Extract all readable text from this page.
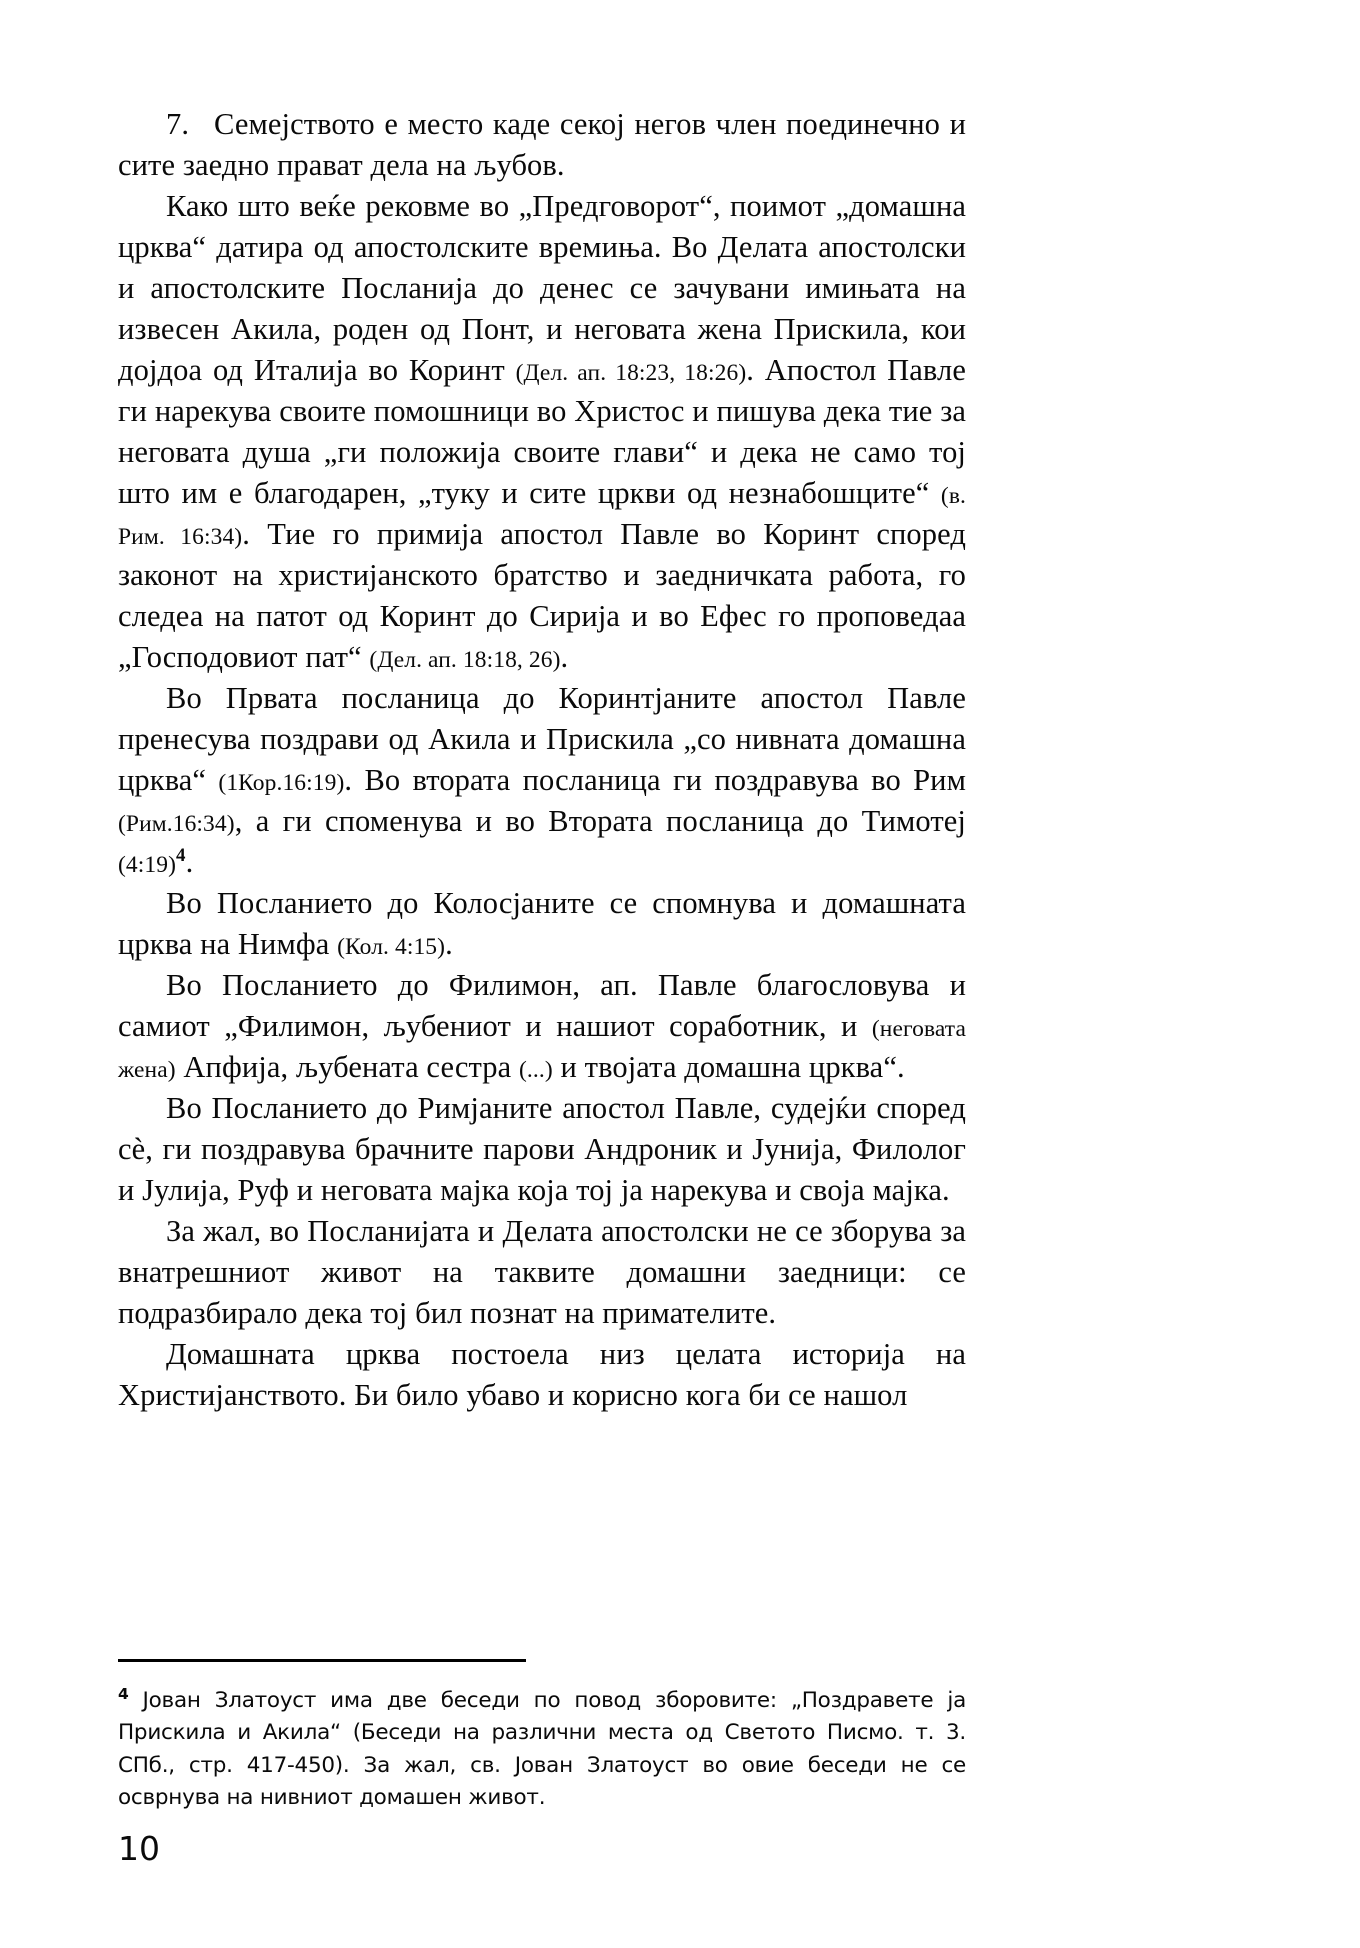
7. Семејството е место каде секој негов член поединечно и сите заедно прават дела на љубов.

Како што веќе рековме во „Предговорот“, поимот „домашна црква“ датира од апостолските времиња. Во Делата апостолски и апостолските Посланија до денес се зачувани имињата на извесен Акила, роден од Понт, и неговата жена Прискила, кои дојдоа од Италија во Коринт (Дел. ап. 18:23, 18:26). Апостол Павле ги нарекува своите помошници во Христос и пишува дека тие за неговата душа „ги положија своите глави“ и дека не само тој што им е благодарен, „туку и сите цркви од незнабошците“ (в. Рим. 16:34). Тие го примија апостол Павле во Коринт според законот на христијанското братство и заедничката работа, го следеа на патот од Коринт до Сирија и во Ефес го проповедаа „Господовиот пат“ (Дел. ап. 18:18, 26).

Во Првата посланица до Коринтјаните апостол Павле пренесува поздрави од Акила и Прискила „со нивната домашна црква“ (1Кор.16:19). Во втората посланица ги поздравува во Рим (Рим.16:34), а ги споменува и во Втората посланица до Тимотеј (4:19)$^4$.

Во Посланието до Колосјаните се спомнува и домашната црква на Нимфа (Кол. 4:15).

Во Посланието до Филимон, ап. Павле благословува и самиот „Филимон, љубениот и нашиот соработник, и (неговата жена) Апфија, љубената сестра (...) и твојата домашна црква“.

Во Посланието до Римјаните апостол Павле, судејќи според сѐ, ги поздравува брачните парови Андроник и Јунија, Филолог и Јулија, Руф и неговата мајка која тој ја нарекува и своја мајка.

За жал, во Посланијата и Делата апостолски не се зборува за внатрешниот живот на таквите домашни заедници: се подразбирало дека тој бил познат на примателите.

Домашната црква постоела низ целата историја на Христијанството. Би било убаво и корисно кога би се нашол

$^4$ Јован Златоуст има две беседи по повод зборовите: „Поздравете ја Прискила и Акила“ (Беседи на различни места од Светото Писмо. т. 3. СПб., стр. 417-450). За жал, св. Јован Златоуст во овие беседи не се осврнува на нивниот домашен живот.
10
